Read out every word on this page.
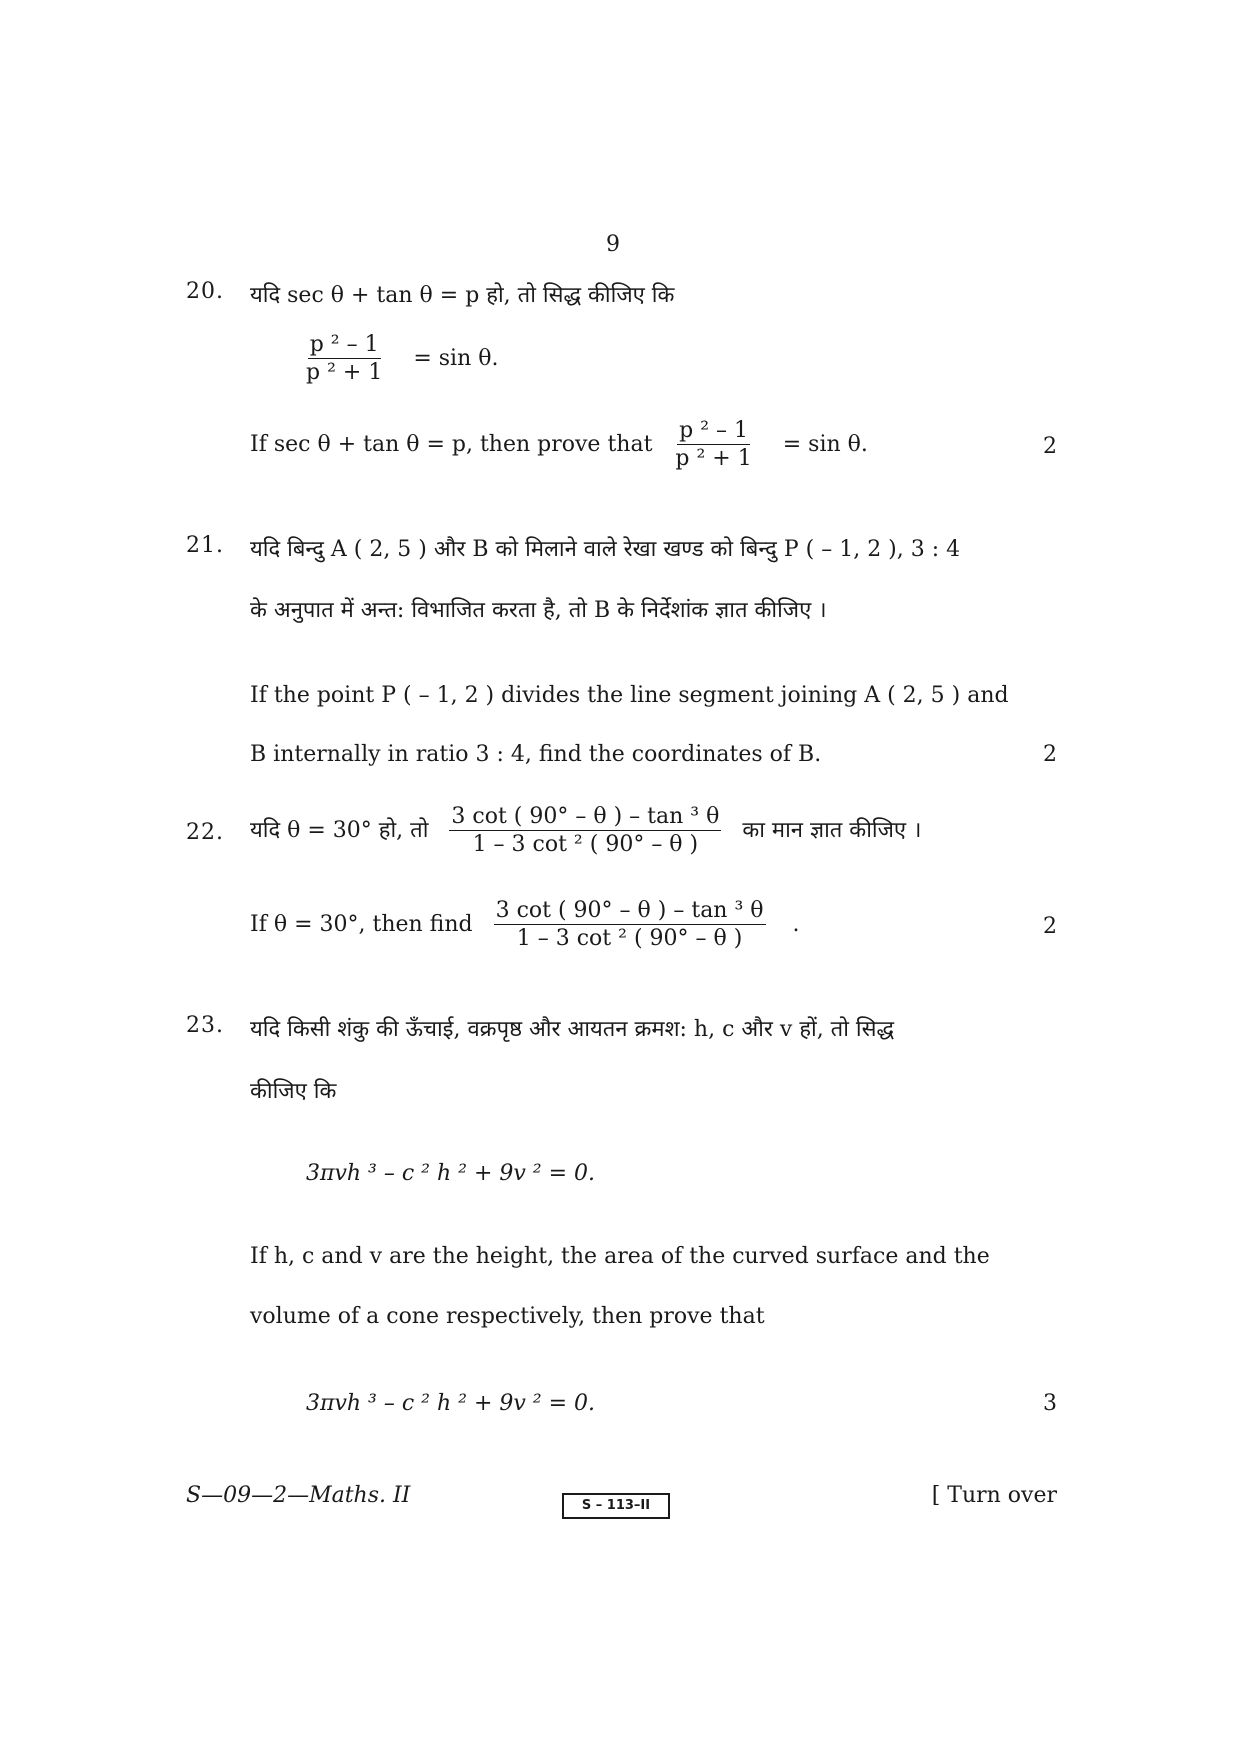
9
20. यदि sec θ + tan θ = p हो, तो सिद्ध कीजिए कि
$\frac{\text{p ² – 1}}{\text{p ² + 1}} = \sin \theta$.
If sec θ + tan θ = p, then prove that $\frac{\text{p ² – 1}}{\text{p ² + 1}} = \sin \theta$.	2
21. यदि बिन्दु A ( 2, 5 ) और B को मिलाने वाले रेखा खण्ड को बिन्दु P ( – 1, 2 ), 3 : 4
के अनुपात में अन्त: विभाजित करता है, तो B के निर्देशांक ज्ञात कीजिए ।
If the point P ( – 1, 2 ) divides the line segment joining A ( 2, 5 ) and
B internally in ratio 3 : 4, find the coordinates of B.	2
22. यदि θ = 30° हो, तो $\frac{\text{3 cot ( 90° – θ ) – tan ³ θ}}{\text{1 – 3 cot ² ( 90° – θ )}}$ का मान ज्ञात कीजिए ।
If θ = 30°, then find $\frac{\text{3 cot ( 90° – θ ) – tan ³ θ}}{\text{1 – 3 cot ² ( 90° – θ )}}$ .	2
23. यदि किसी शंकु की ऊँचाई, वक्रपृष्ठ और आयतन क्रमश: h, c और v हों, तो सिद्ध
कीजिए कि
3πvh ³ – c ² h ² + 9v ² = 0.
If h, c and v are the height, the area of the curved surface and the
volume of a cone respectively, then prove that
3πvh ³ – c ² h ² + 9v ² = 0.	3
S—09—2—Maths. II	S – 113–II	[ Turn over
